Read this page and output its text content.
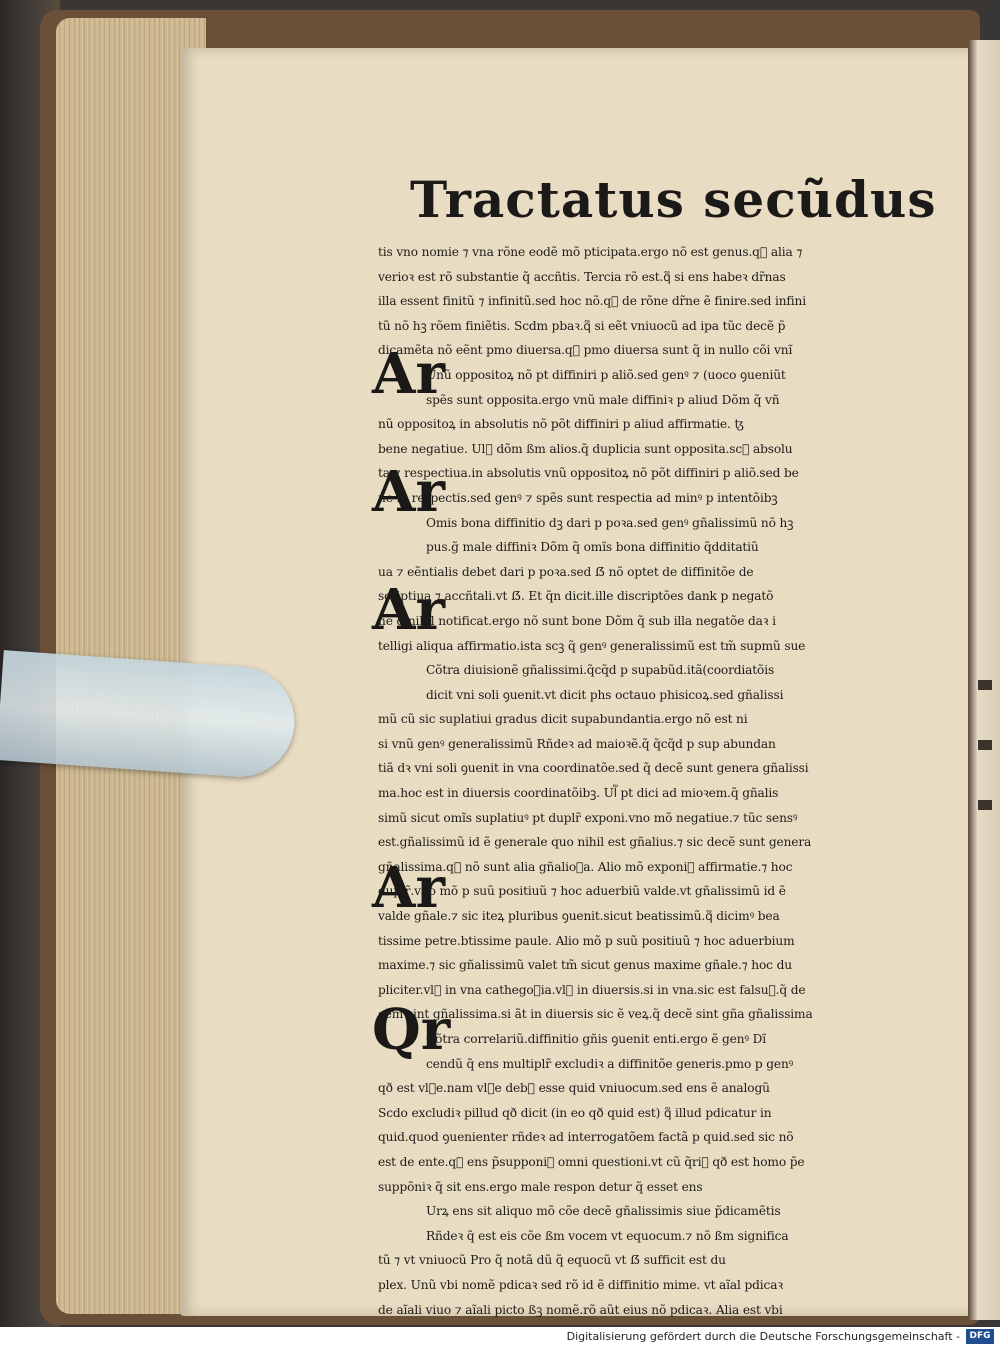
Tractatus secũdus
tis vno nomie ⁊ vna rõne eodẽ mõ pticipata.ergo nõ est genus.q᷑ alia ⁊
verioꝛ est rõ substantie q̃ accñtis. Tercia rõ est.q᷑ si ens habeꝛ dr̃nas
illa essent finitũ ⁊ infinitũ.sed hoc nõ.q᷑ de rõne dr̃ne ẽ finire.sed infini
tũ nõ hꝫ rõem finiẽtis. Scdm pbaꝛ.q᷑ si eẽt vniuocũ ad ipa tũc decẽ p̃
dicamẽta nõ eẽnt pmo diuersa.q᷑ pmo diuersa sunt q̃ in nullo cõi vnĩ
Unũ oppositoꝝ nõ pt diffiniri p aliõ.sed genꝰ ⁊ (uoco ꝯueniũt
spẽs sunt opposita.ergo vnũ male diffiniꝛ p aliud Dõm q̃ vñ
nũ oppositoꝝ in absolutis nõ põt diffiniri p aliud affirmatie. ꜩ
bene negatiue. Ul᷑ dõm ßm alios.q̃ duplicia sunt opposita.scꝫ absolu
ta.⁊ respectiua.in absolutis vnũ oppositoꝝ nõ põt diffiniri p aliõ.sed be
ne in respectis.sed genꝰ ⁊ spẽs sunt respectia ad minꝰ p intentõibꝫ
Omis bona diffinitio dꝫ dari p poꝛa.sed genꝰ gñalissimũ nõ hꝫ
pus.g̃ male diffiniꝛ Dõm q̃ omĩs bona diffinitio q̃dditatiũ
ua ⁊ eẽntialis debet dari p poꝛa.sed ẞ nõ optet de diffinitõe de
scriptiua ⁊ accñtali.vt ẞ. Et q̃n dicit.ille discriptões dank p negatõ
nẽ q̃ nihil notificat.ergo nõ sunt bone Dõm q̃ sub illa negatõe daꝛ i
telligi aliqua affirmatio.ista scꝫ q̃ genꝰ generalissimũ est tm̃ supmũ sue
Cõtra diuisionẽ gñalissimi.q̃cq̃d p supabũd.itã(coordiatõis
dicit vni soli ꝯuenit.vt dicit phs octauo phisicoꝝ.sed gñalissi
mũ cũ sic suplatiui gradus dicit supabundantia.ergo nõ est ni
si vnũ genꝰ generalissimũ Rñdeꝛ ad maioꝛẽ.q̃ q̃cq̃d p sup abundan
tiã dꝛ vni soli ꝯuenit in vna coordinatõe.sed q̃ decẽ sunt genera gñalissi
ma.hoc est in diuersis coordinatõibꝫ. Ul᷑ pt dici ad mioꝛem.q̃ gñalis
simũ sicut omĩs suplatiuꝰ pt duplr̃ exponi.vno mõ negatiue.⁊ tũc sensꝰ
est.gñalissimũ id ẽ generale quo nihil est gñalius.⁊ sic decẽ sunt genera
gñalissima.q᷑ nõ sunt alia gñalioꝛa. Alio mõ exponiꝛ affirmatie.⁊ hoc
duplr̃.vno mõ p suũ positiuũ ⁊ hoc aduerbiũ valde.vt gñalissimũ id ẽ
valde gñale.⁊ sic iteꝝ pluribus ꝯuenit.sicut beatissimũ.q᷑ dicimꝰ bea
tissime petre.btissime paule. Alio mõ p suũ positiuũ ⁊ hoc aduerbium
maxime.⁊ sic gñalissimũ valet tm̃ sicut genus maxime gñale.⁊ hoc du
pliciter.vl᷑ in vna cathegoꝛia.vl᷑ in diuersis.si in vna.sic est falsuꝫ.q̃ de
cem sint gñalissima.si ãt in diuersis sic ẽ veꝝ.q̃ decẽ sint gña gñalissima
Cõtra correlariũ.diffinitio gñis ꝯuenit enti.ergo ẽ genꝰ Dĩ
cendũ q̃ ens multiplr̃ excludiꝛ a diffinitõe generis.pmo p genꝰ
qð est vl᷑e.nam vl᷑e debꝫ esse quid vniuocum.sed ens ẽ analogũ
Scdo excludiꝛ pillud qð dicit (in eo qð quid est) q᷑ illud pdicatur in
quid.quod ꝯuenienter rñdeꝛ ad interrogatõem factã p quid.sed sic nõ
est de ente.q᷑ ens p̃supponiꝛ omni questioni.vt cũ q̃riꝛ qð est homo p̃e
suppõniꝛ q̃ sit ens.ergo male respon detur q̃ esset ens
Urꝝ ens sit aliquo mõ cõe decẽ gñalissimis siue p̃dicamẽtis
Rñdeꝛ q̃ est eis cõe ßm vocem vt equocum.⁊ nõ ßm significa
tũ ⁊ vt vniuocũ Pro q̃ notã dũ q̃ equocũ vt ẞ sufficit est du
plex. Unũ vbi nomẽ pdicaꝛ sed rõ id ẽ diffinitio mime. vt aĩal pdicaꝛ
de aĩali viuo ⁊ aĩali picto ßꝫ nomẽ.rõ aũt eius nõ pdicaꝛ. Alia est vbi
Ar
Ar
Ar
Ar
Qr
Digitalisierung gefördert durch die Deutsche Forschungsgemeinschaft -	DFG
